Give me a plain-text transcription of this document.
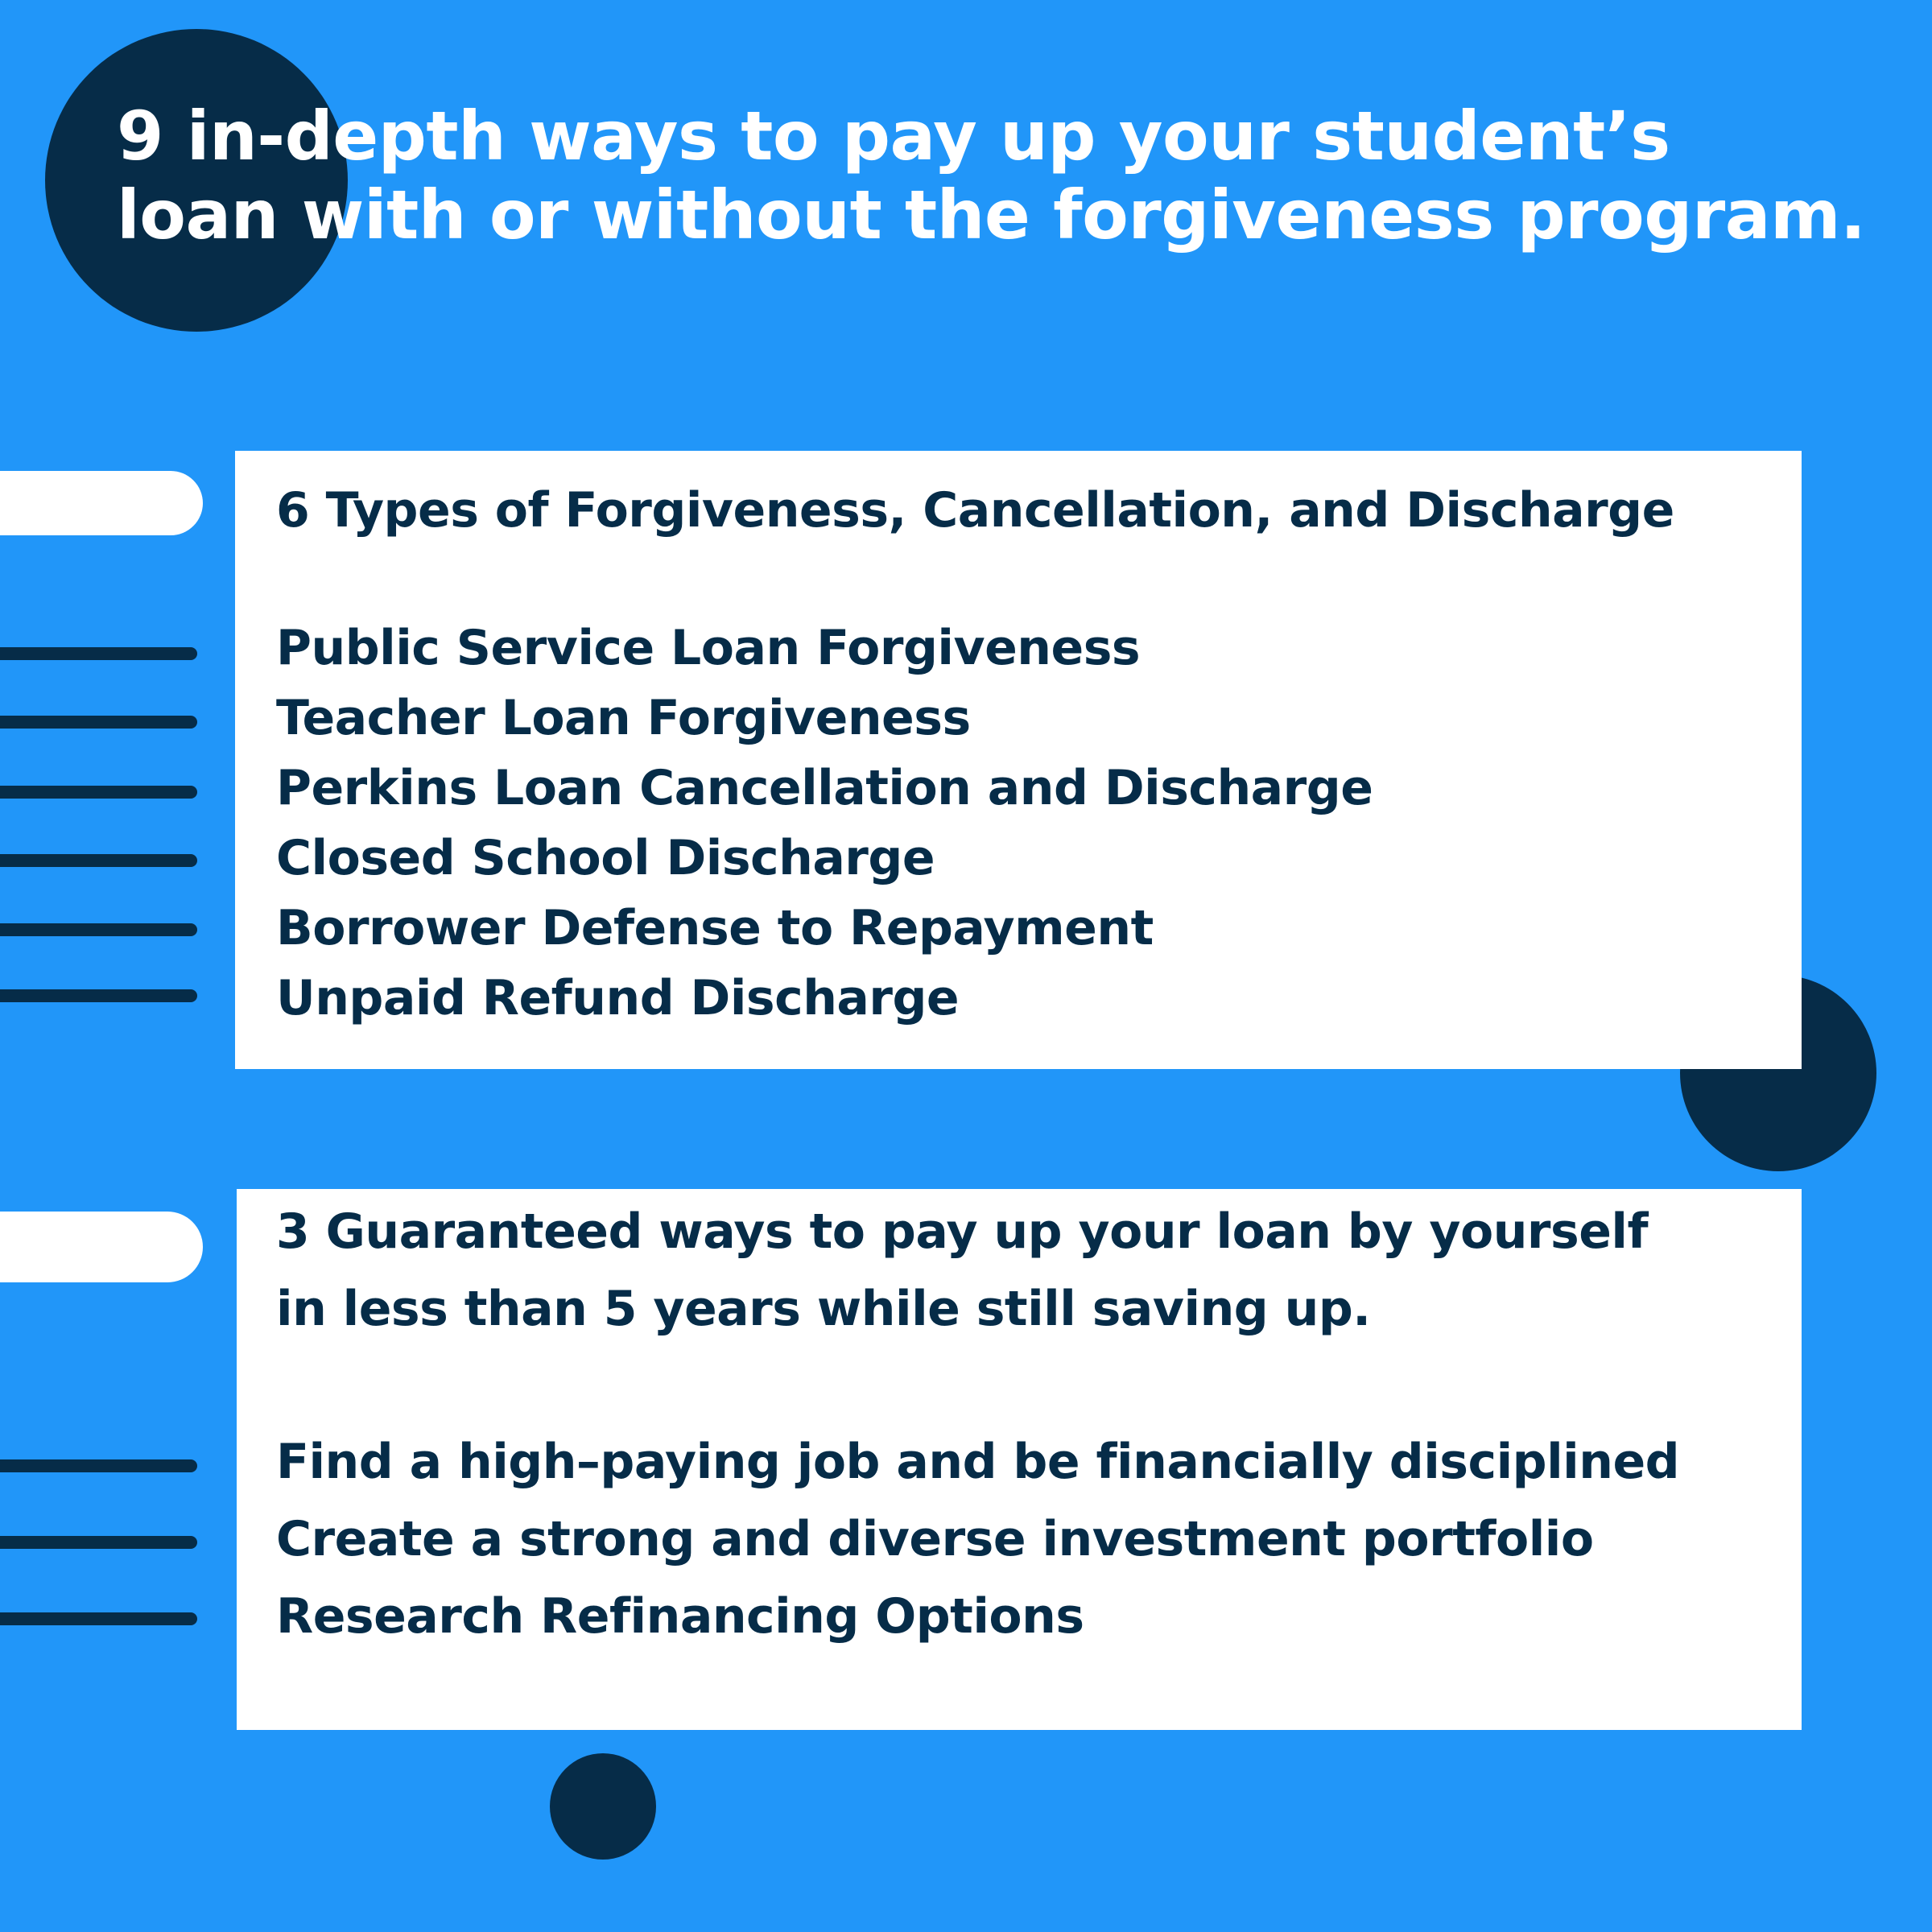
9 in-depth ways to pay up your student’s
loan with or without the forgiveness program.

6 Types of Forgiveness, Cancellation, and Discharge

Public Service Loan Forgiveness
Teacher Loan Forgiveness
Perkins Loan Cancellation and Discharge
Closed School Discharge
Borrower Defense to Repayment
Unpaid Refund Discharge
3 Guaranteed ways to pay up your loan by yourself
in less than 5 years while still saving up.
Find a high–paying job and be financially disciplined
Create a strong and diverse investment portfolio
Research Refinancing Options
